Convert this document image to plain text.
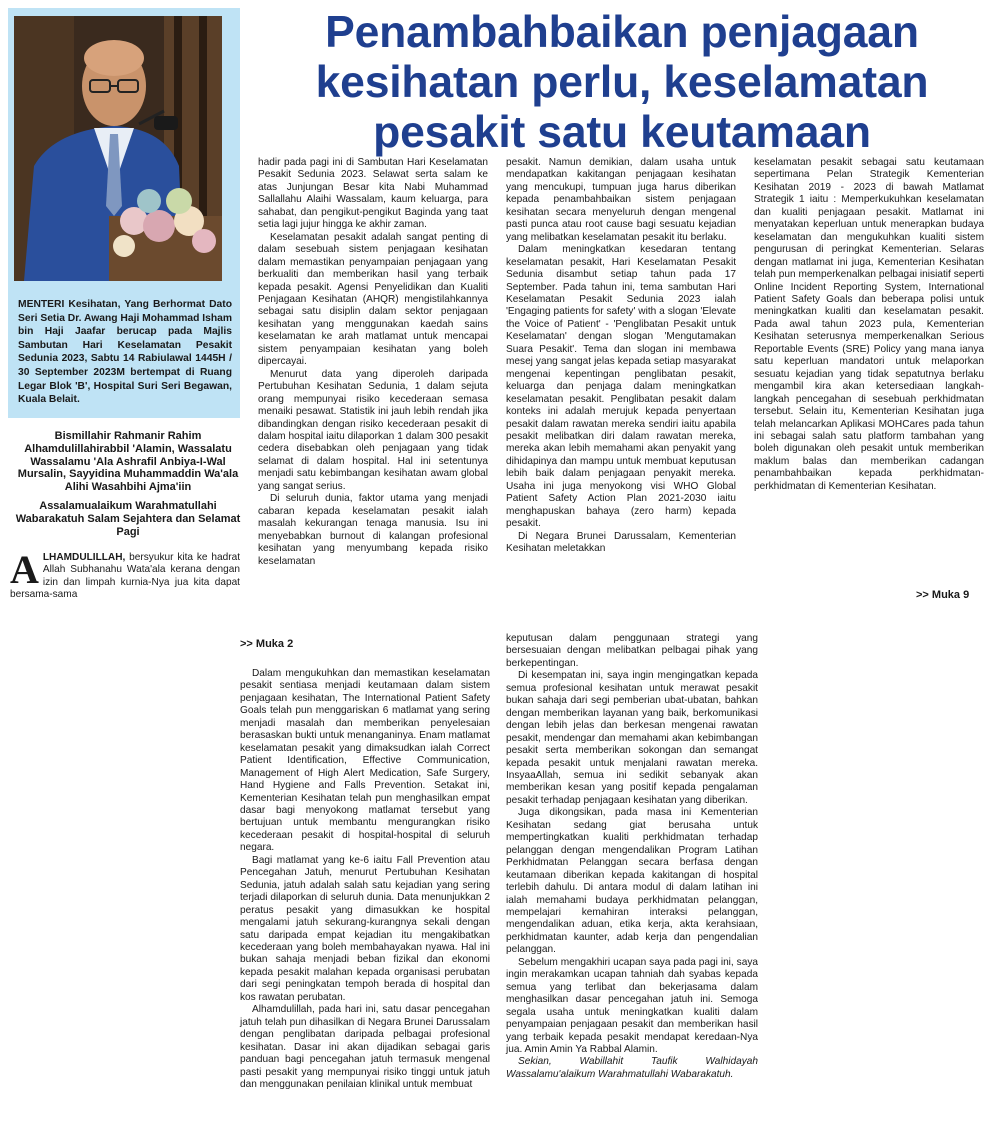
MENTERI Kesihatan, Yang Berhormat Dato Seri Setia Dr. Awang Haji Mohammad Isham bin Haji Jaafar berucap pada Majlis Sambutan Hari Keselamatan Pesakit Sedunia 2023, Sabtu 14 Rabiulawal 1445H / 30 September 2023M bertempat di Ruang Legar Blok 'B', Hospital Suri Seri Begawan, Kuala Belait.
Penambahbaikan penjagaan
kesihatan perlu, keselamatan
pesakit satu keutamaan
Bismillahir Rahmanir Rahim Alhamdulillahirabbil 'Alamin, Wassalatu Wassalamu 'Ala Ashrafil Anbiya-I-Wal Mursalin, Sayyidina Muhammaddin Wa'ala Alihi Wasahbihi Ajma'iin
Assalamualaikum Warahmatullahi Wabarakatuh Salam Sejahtera dan Selamat Pagi
ALHAMDULILLAH, bersyukur kita ke hadrat Allah Subhanahu Wata'ala kerana dengan izin dan limpah kurnia-Nya jua kita dapat bersama-sama

hadir pada pagi ini di Sambutan Hari Keselamatan Pesakit Sedunia 2023. Selawat serta salam ke atas Junjungan Besar kita Nabi Muhammad Sallallahu Alaihi Wassalam, kaum keluarga, para sahabat, dan pengikut-pengikut Baginda yang taat setia lagi jujur hingga ke akhir zaman.

Keselamatan pesakit adalah sangat penting di dalam sesebuah sistem penjagaan kesihatan dalam memastikan penyampaian penjagaan yang berkualiti dan memberikan hasil yang terbaik kepada pesakit. Agensi Penyelidikan dan Kualiti Penjagaan Kesihatan (AHQR) mengistilahkannya sebagai satu disiplin dalam sektor penjagaan kesihatan yang menggunakan kaedah sains keselamatan ke arah matlamat untuk mencapai sistem penyampaian kesihatan yang boleh dipercayai.

Menurut data yang diperoleh daripada Pertubuhan Kesihatan Sedunia, 1 dalam sejuta orang mempunyai risiko kecederaan semasa menaiki pesawat. Statistik ini jauh lebih rendah jika dibandingkan dengan risiko kecederaan pesakit di dalam hospital iaitu dilaporkan 1 dalam 300 pesakit cedera disebabkan oleh penjagaan yang tidak selamat di dalam hospital. Hal ini setentunya menjadi satu kebimbangan kesihatan awam global yang sangat serius.

Di seluruh dunia, faktor utama yang menjadi cabaran kepada keselamatan pesakit ialah masalah kekurangan tenaga manusia. Isu ini menyebabkan burnout di kalangan profesional kesihatan yang menyumbang kepada risiko keselamatan

pesakit. Namun demikian, dalam usaha untuk mendapatkan kakitangan penjagaan kesihatan yang mencukupi, tumpuan juga harus diberikan kepada penambahbaikan sistem penjagaan kesihatan secara menyeluruh dengan mengenal pasti punca atau root cause bagi sesuatu kejadian yang melibatkan keselamatan pesakit itu berlaku.

Dalam meningkatkan kesedaran tentang keselamatan pesakit, Hari Keselamatan Pesakit Sedunia disambut setiap tahun pada 17 September. Pada tahun ini, tema sambutan Hari Keselamatan Pesakit Sedunia 2023 ialah 'Engaging patients for safety' with a slogan 'Elevate the Voice of Patient' - 'Penglibatan Pesakit untuk Keselamatan' dengan slogan 'Mengutamakan Suara Pesakit'. Tema dan slogan ini membawa mesej yang sangat jelas kepada setiap masyarakat mengenai kepentingan penglibatan pesakit, keluarga dan penjaga dalam meningkatkan keselamatan pesakit. Penglibatan pesakit dalam konteks ini adalah merujuk kepada penyertaan pesakit dalam rawatan mereka sendiri iaitu apabila pesakit melibatkan diri dalam rawatan mereka, mereka akan lebih memahami akan penyakit yang dihidapinya dan mampu untuk membuat keputusan lebih baik dalam penjagaan penyakit mereka. Usaha ini juga menyokong visi WHO Global Patient Safety Action Plan 2021-2030 iaitu menghapuskan bahaya (zero harm) kepada pesakit.

Di Negara Brunei Darussalam, Kementerian Kesihatan meletakkan

keselamatan pesakit sebagai satu keutamaan sepertimana Pelan Strategik Kementerian Kesihatan 2019 - 2023 di bawah Matlamat Strategik 1 iaitu : Memperkukuhkan keselamatan dan kualiti penjagaan pesakit. Matlamat ini menyatakan keperluan untuk menerapkan budaya keselamatan dan mengukuhkan kualiti sistem pengurusan di peringkat Kementerian. Selaras dengan matlamat ini juga, Kementerian Kesihatan telah pun memperkenalkan pelbagai inisiatif seperti Online Incident Reporting System, International Patient Safety Goals dan beberapa polisi untuk meningkatkan kualiti dan keselamatan pesakit. Pada awal tahun 2023 pula, Kementerian Kesihatan seterusnya memperkenalkan Serious Reportable Events (SRE) Policy yang mana ianya satu keperluan mandatori untuk melaporkan sesuatu kejadian yang tidak sepatutnya berlaku mengambil kira akan ketersediaan langkah-langkah pencegahan di sesebuah perkhidmatan tersebut. Selain itu, Kementerian Kesihatan juga telah melancarkan Aplikasi MOHCares pada tahun ini sebagai salah satu platform tambahan yang boleh digunakan oleh pesakit untuk memberikan maklum balas dan memberikan cadangan penambahbaikan kepada perkhidmatan-perkhidmatan di Kementerian Kesihatan.

>> Muka 9
>> Muka 2

Dalam mengukuhkan dan memastikan keselamatan pesakit sentiasa menjadi keutamaan dalam sistem penjagaan kesihatan, The International Patient Safety Goals telah pun menggariskan 6 matlamat yang sering menjadi masalah dan memberikan penyelesaian berasaskan bukti untuk menanganinya. Enam matlamat keselamatan pesakit yang dimaksudkan ialah Correct Patient Identification, Effective Communication, Management of High Alert Medication, Safe Surgery, Hand Hygiene and Falls Prevention. Setakat ini, Kementerian Kesihatan telah pun menghasilkan empat dasar bagi menyokong matlamat tersebut yang bertujuan untuk membantu mengurangkan risiko kecederaan pesakit di hospital-hospital di seluruh negara.

Bagi matlamat yang ke-6 iaitu Fall Prevention atau Pencegahan Jatuh, menurut Pertubuhan Kesihatan Sedunia, jatuh adalah salah satu kejadian yang sering terjadi dilaporkan di seluruh dunia. Data menunjukkan 2 peratus pesakit yang dimasukkan ke hospital mengalami jatuh sekurang-kurangnya sekali dengan satu daripada empat kejadian itu mengakibatkan kecederaan yang boleh membahayakan nyawa. Hal ini bukan sahaja menjadi beban fizikal dan ekonomi kepada pesakit malahan kepada organisasi perubatan dari segi peningkatan tempoh berada di hospital dan kos rawatan perubatan.

Alhamdulillah, pada hari ini, satu dasar pencegahan jatuh telah pun dihasilkan di Negara Brunei Darussalam dengan penglibatan daripada pelbagai profesional kesihatan. Dasar ini akan dijadikan sebagai garis panduan bagi pencegahan jatuh termasuk mengenal pasti pesakit yang mempunyai risiko tinggi untuk jatuh dan menggunakan penilaian klinikal untuk membuat

keputusan dalam penggunaan strategi yang bersesuaian dengan melibatkan pelbagai pihak yang berkepentingan.

Di kesempatan ini, saya ingin mengingatkan kepada semua profesional kesihatan untuk merawat pesakit bukan sahaja dari segi pemberian ubat-ubatan, bahkan dengan memberikan layanan yang baik, berkomunikasi dengan lebih jelas dan berkesan mengenai rawatan pesakit, mendengar dan memahami akan kebimbangan pesakit serta memberikan sokongan dan semangat kepada pesakit untuk menjalani rawatan mereka. InsyaaAllah, semua ini sedikit sebanyak akan memberikan kesan yang positif kepada pengalaman pesakit terhadap penjagaan kesihatan yang diberikan.

Juga dikongsikan, pada masa ini Kementerian Kesihatan sedang giat berusaha untuk mempertingkatkan kualiti perkhidmatan terhadap pelanggan dengan mengendalikan Program Latihan Perkhidmatan Pelanggan secara berfasa dengan keutamaan diberikan kepada kakitangan di hospital terlebih dahulu. Di antara modul di dalam latihan ini ialah memahami budaya perkhidmatan pelanggan, mempelajari kemahiran interaksi pelanggan, mengendalikan aduan, etika kerja, akta kerahsiaan, perkhidmatan kaunter, adab kerja dan pengendalian pelanggan.

Sebelum mengakhiri ucapan saya pada pagi ini, saya ingin merakamkan ucapan tahniah dah syabas kepada semua yang terlibat dan bekerjasama dalam menghasilkan dasar pencegahan jatuh ini. Semoga segala usaha untuk meningkatkan kualiti dalam penyampaian penjagaan pesakit dan memberikan hasil yang terbaik kepada pesakit mendapat keredaan-Nya jua. Amin Amin Ya Rabbal Alamin.

Sekian, Wabillahit Taufik Walhidayah Wassalamu'alaikum Warahmatullahi Wabarakatuh.
